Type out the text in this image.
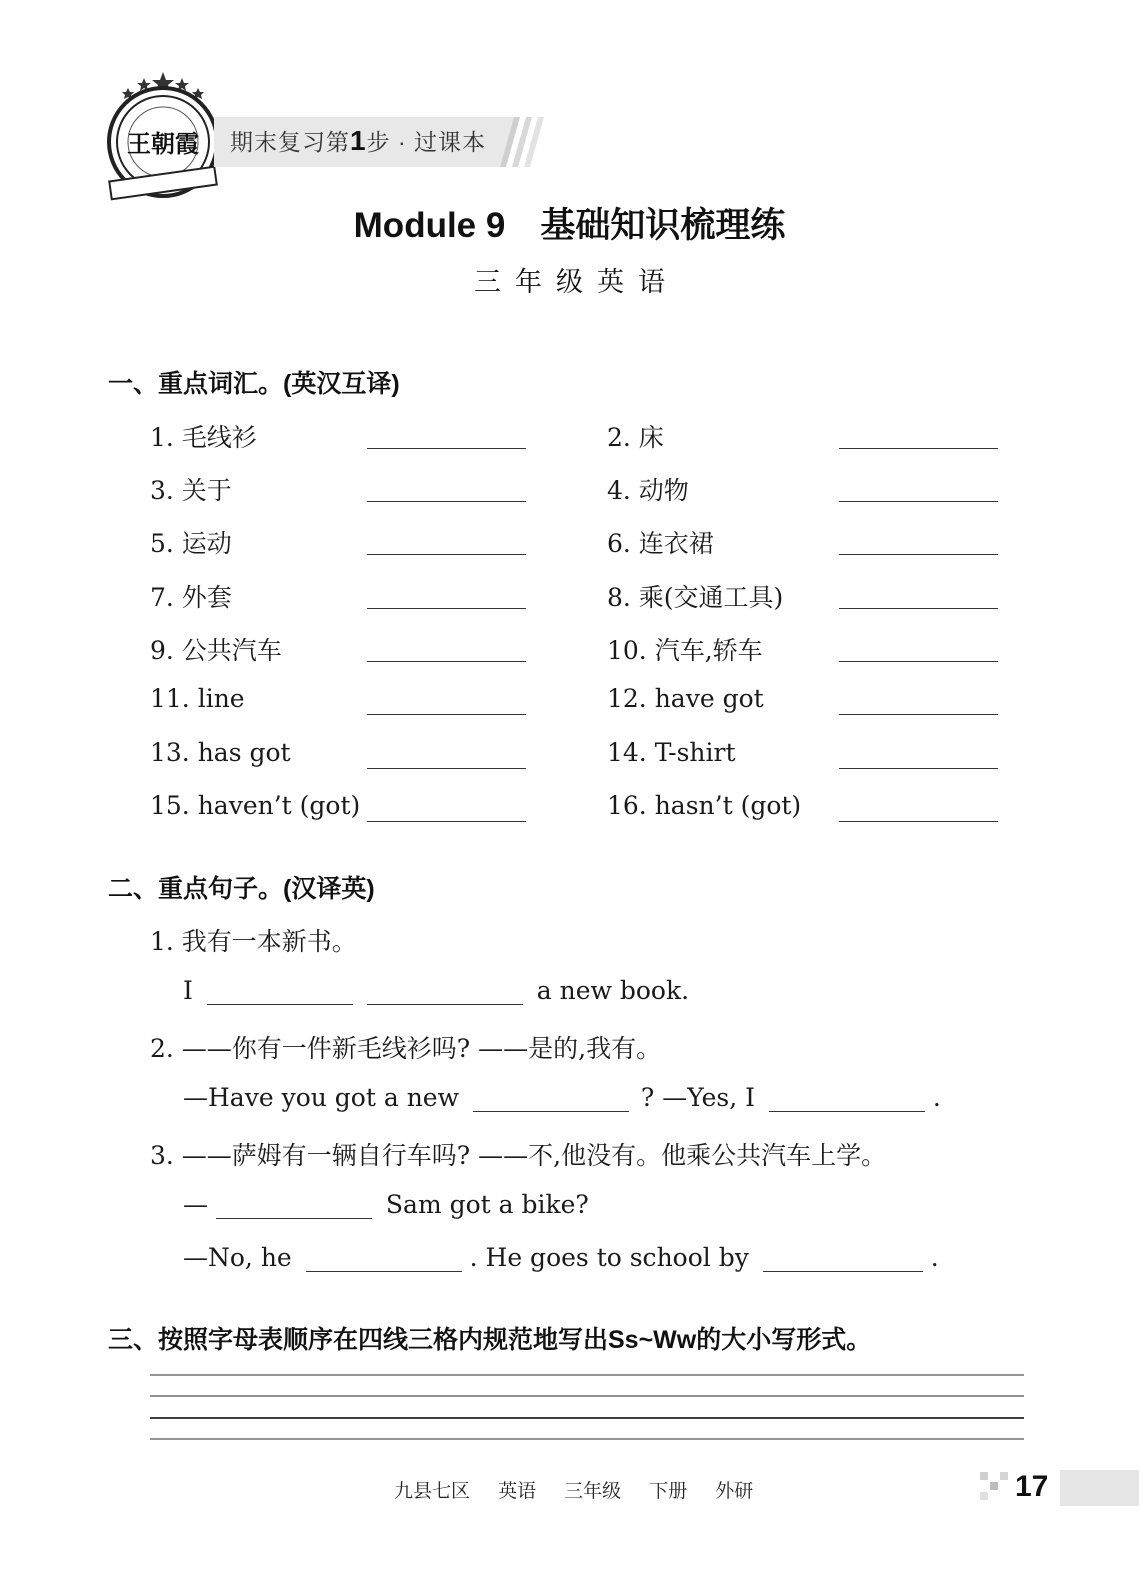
王朝霞 期末复习第1步 · 过课本
Module 9　基础知识梳理练
三年级英语
一、重点词汇。(英汉互译)
1. 毛线衫	2. 床
3. 关于	4. 动物
5. 运动	6. 连衣裙
7. 外套	8. 乘(交通工具)
9. 公共汽车	10. 汽车,轿车
11. line	12. have got
13. has got	14. T-shirt
15. haven’t (got)	16. hasn’t (got)
二、重点句子。(汉译英)
1. 我有一本新书。
I	a new book.
2. ——你有一件新毛线衫吗? ——是的,我有。
—Have you got a new	? —Yes, I	.
3. ——萨姆有一辆自行车吗? ——不,他没有。他乘公共汽车上学。
—	Sam got a bike?
—No, he	. He goes to school by	.
三、按照字母表顺序在四线三格内规范地写出Ss~Ww的大小写形式。
九县七区 英语 三年级 下册 外研	17
